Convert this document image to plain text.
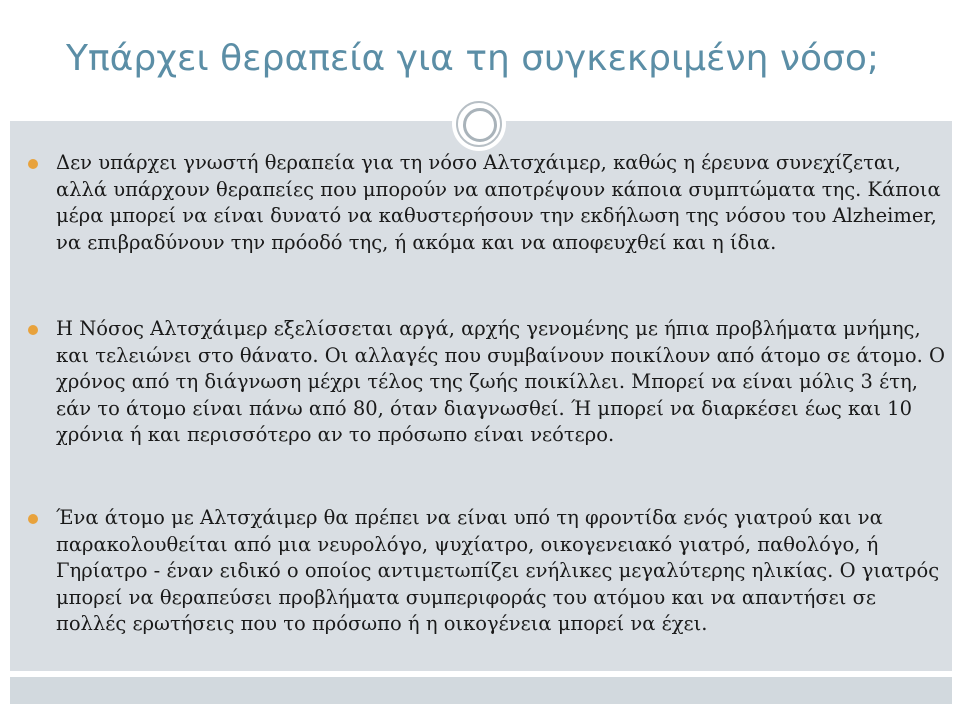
Υπάρχει θεραπεία για τη συγκεκριμένη νόσο;
Δεν υπάρχει γνωστή θεραπεία για τη νόσο Αλτσχάιμερ, καθώς η έρευνα συνεχίζεται, αλλά υπάρχουν θεραπείες που μπορούν να αποτρέψουν κάποια συμπτώματα της. Κάποια μέρα μπορεί να είναι δυνατό να καθυστερήσουν την εκδήλωση της νόσου του Alzheimer, να επιβραδύνουν την πρόοδό της, ή ακόμα και να αποφευχθεί και η ίδια.
Η Νόσος Αλτσχάιμερ εξελίσσεται αργά, αρχής γενομένης με ήπια προβλήματα μνήμης, και τελειώνει στο θάνατο. Οι αλλαγές που συμβαίνουν ποικίλουν από άτομο σε άτομο. Ο χρόνος από τη διάγνωση μέχρι τέλος της ζωής ποικίλλει. Μπορεί να είναι μόλις 3 έτη, εάν το άτομο είναι πάνω από 80, όταν διαγνωσθεί. Ή μπορεί να διαρκέσει έως και 10 χρόνια ή και περισσότερο αν το πρόσωπο είναι νεότερο.
Ένα άτομο με Αλτσχάιμερ θα πρέπει να είναι υπό τη φροντίδα ενός γιατρού και να παρακολουθείται από μια νευρολόγο, ψυχίατρο, οικογενειακό γιατρό, παθολόγο, ή Γηρίατρο - έναν ειδικό ο οποίος αντιμετωπίζει ενήλικες μεγαλύτερης ηλικίας. Ο γιατρός μπορεί να θεραπεύσει προβλήματα συμπεριφοράς του ατόμου και να απαντήσει σε πολλές ερωτήσεις που το πρόσωπο ή η οικογένεια μπορεί να έχει.
